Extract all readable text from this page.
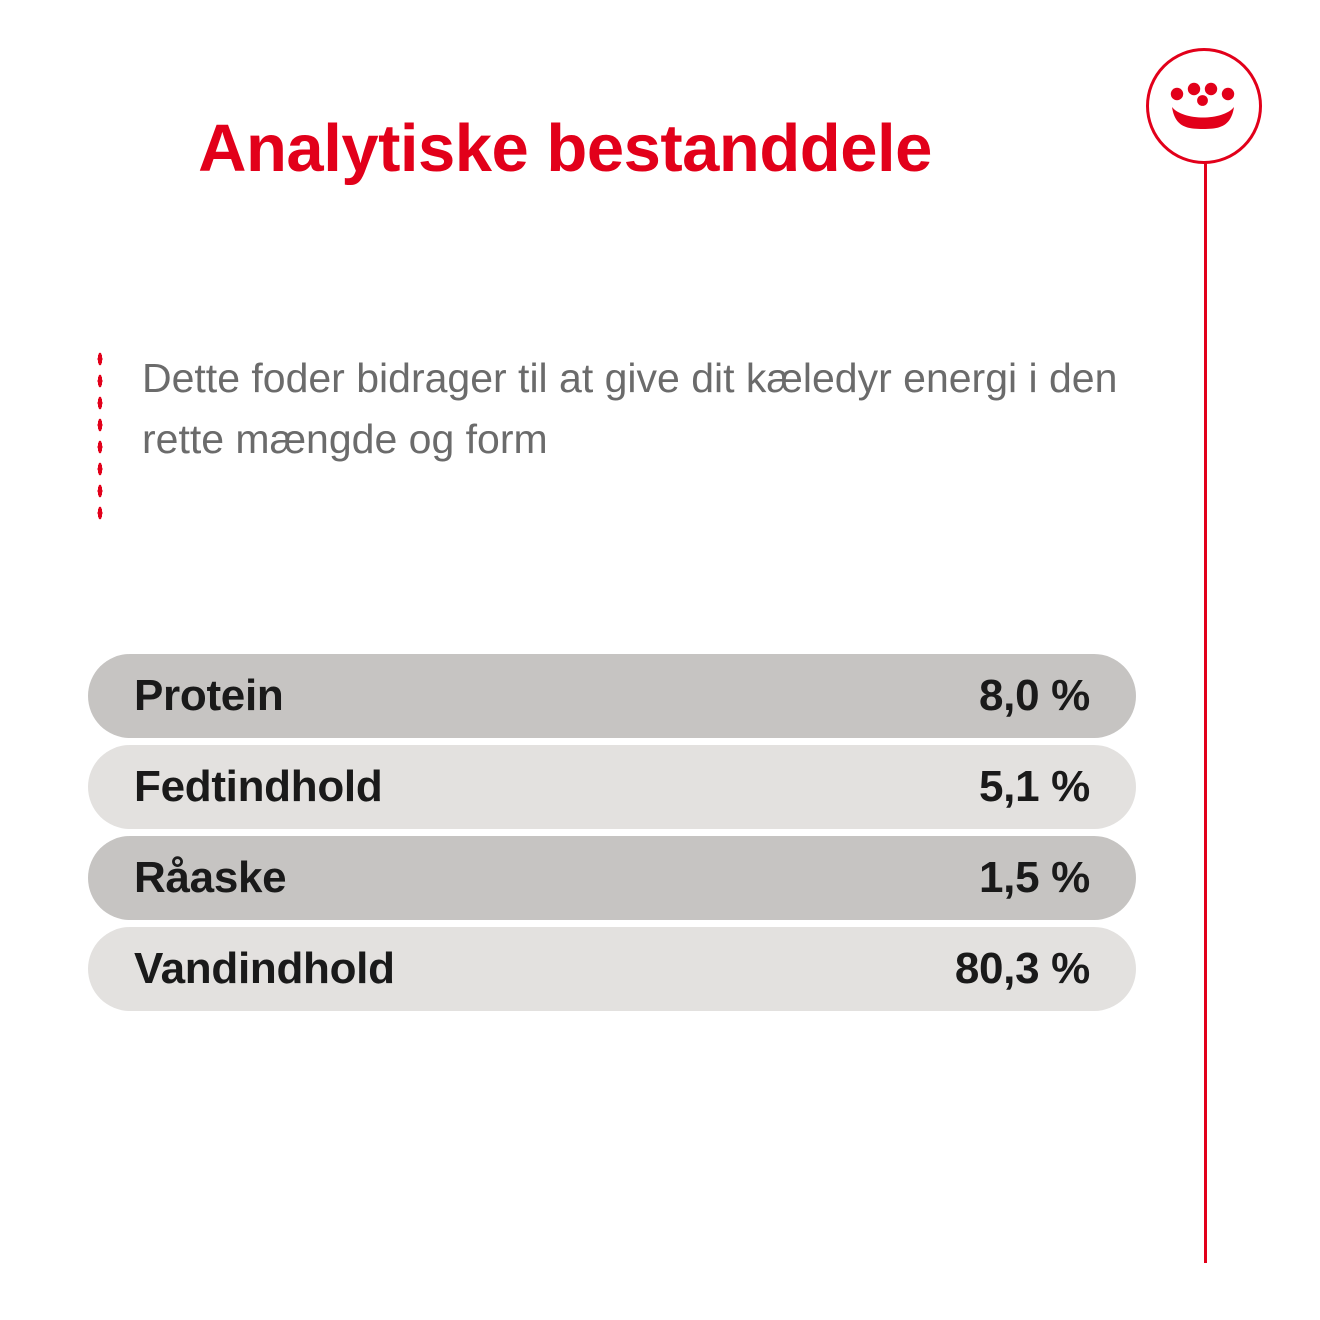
Analytiske bestanddele
Dette foder bidrager til at give dit kæledyr energi i den rette mængde og form
Protein	8,0 %
Fedtindhold	5,1 %
Råaske	1,5 %
Vandindhold	80,3 %
